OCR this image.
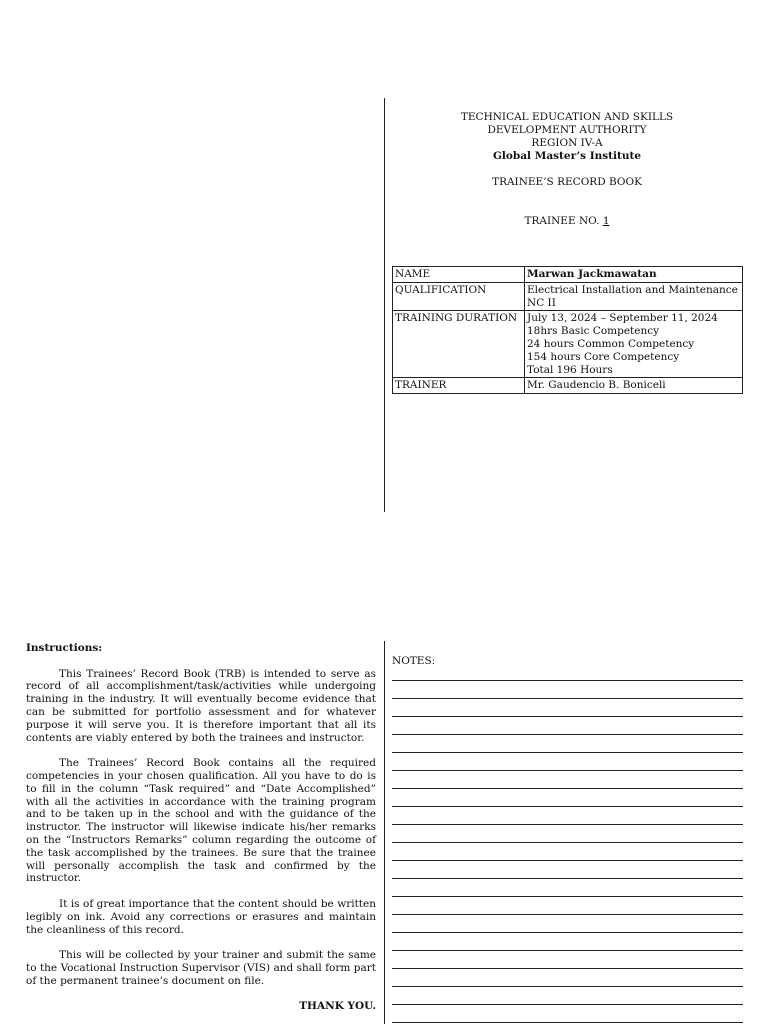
TECHNICAL EDUCATION AND SKILLS
DEVELOPMENT AUTHORITY
REGION IV-A
Global Master’s Institute
TRAINEE’S RECORD BOOK
TRAINEE NO. 1
NAME	Marwan Jackmawatan
QUALIFICATION	Electrical Installation and Maintenance
NC II

TRAINING DURATION	July 13, 2024 – September 11, 2024
18hrs Basic Competency
24 hours Common Competency
154 hours Core Competency
Total 196 Hours

TRAINER	Mr. Gaudencio B. Boniceli
Instructions:

This Trainees’ Record Book (TRB) is intended to serve as record of all accomplishment/task/activities while undergoing training in the industry. It will eventually become evidence that can be submitted for portfolio assessment and for whatever purpose it will serve you. It is therefore important that all its contents are viably entered by both the trainees and instructor.

The Trainees’ Record Book contains all the required competencies in your chosen qualification. All you have to do is to fill in the column “Task required” and “Date Accomplished” with all the activities in accordance with the training program and to be taken up in the school and with the guidance of the instructor. The instructor will likewise indicate his/her remarks on the “Instructors Remarks” column regarding the outcome of the task accomplished by the trainees. Be sure that the trainee will personally accomplish the task and confirmed by the instructor.

It is of great importance that the content should be written legibly on ink. Avoid any corrections or erasures and maintain the cleanliness of this record.

This will be collected by your trainer and submit the same to the Vocational Instruction Supervisor (VIS) and shall form part of the permanent trainee’s document on file.

THANK YOU.
NOTES:
